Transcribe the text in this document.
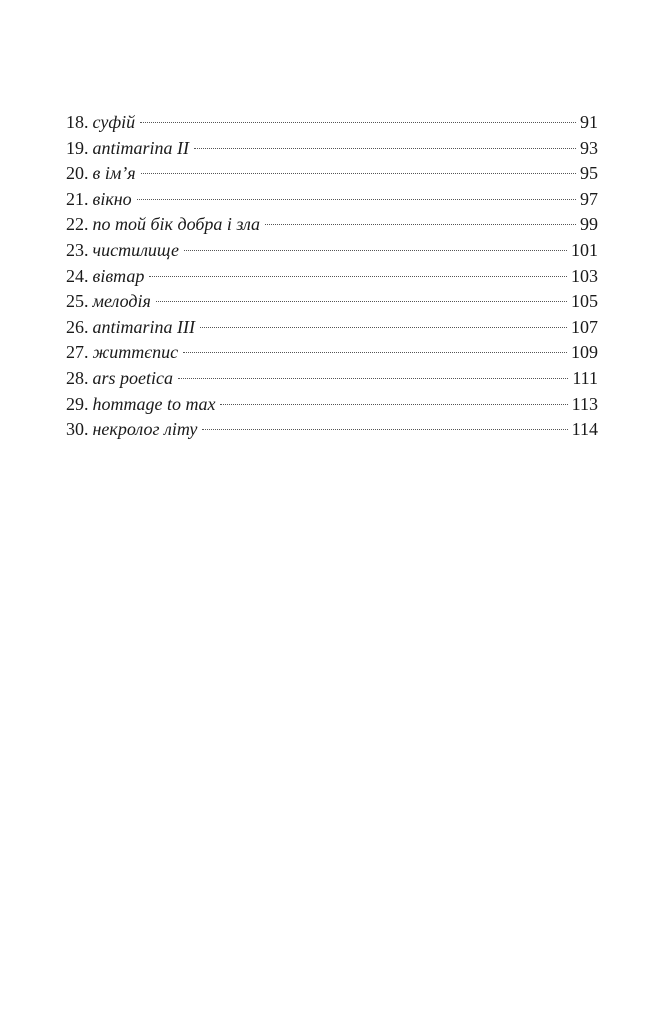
18. суфій	91
19. antimarina II	93
20. в ім’я	95
21. вікно	97
22. по той бік добра і зла	99
23. чистилище	101
24. вівтар	103
25. мелодія	105
26. antimarina III	107
27. життєпис	109
28. ars poetica	111
29. hommage to max	113
30. некролог літу	114
